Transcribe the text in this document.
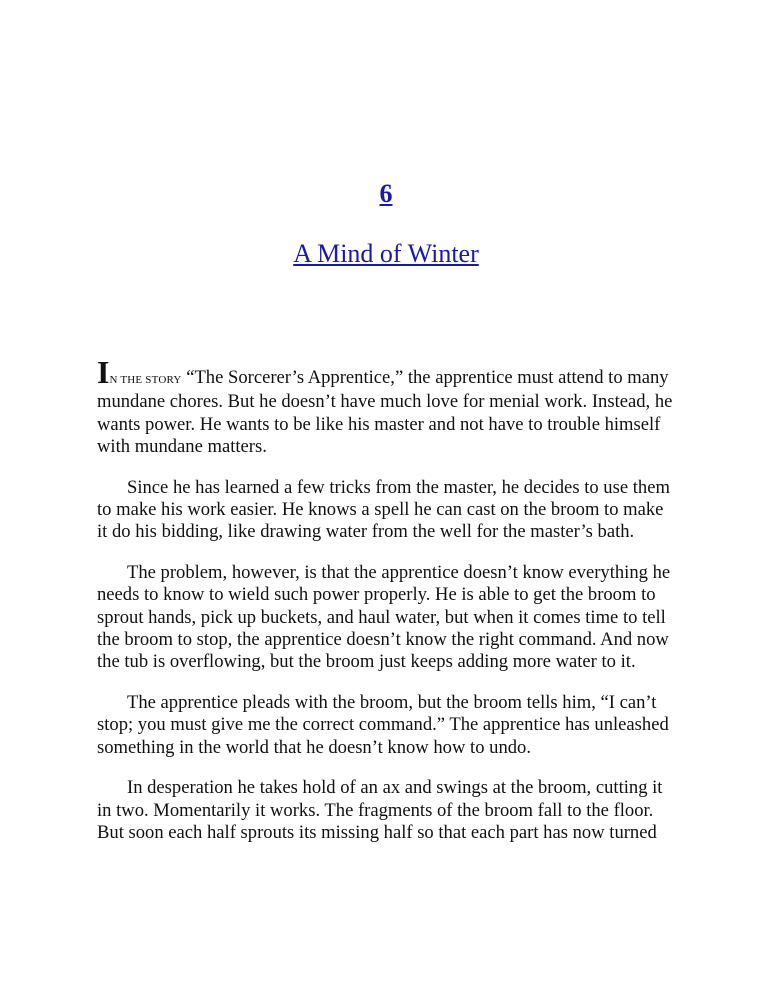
6
A Mind of Winter

IN THE STORY “The Sorcerer’s Apprentice,” the apprentice must attend to many mundane chores. But he doesn’t have much love for menial work. Instead, he wants power. He wants to be like his master and not have to trouble himself with mundane matters.

Since he has learned a few tricks from the master, he decides to use them to make his work easier. He knows a spell he can cast on the broom to make it do his bidding, like drawing water from the well for the master’s bath.

The problem, however, is that the apprentice doesn’t know everything he needs to know to wield such power properly. He is able to get the broom to sprout hands, pick up buckets, and haul water, but when it comes time to tell the broom to stop, the apprentice doesn’t know the right command. And now the tub is overflowing, but the broom just keeps adding more water to it.

The apprentice pleads with the broom, but the broom tells him, “I can’t stop; you must give me the correct command.” The apprentice has unleashed something in the world that he doesn’t know how to undo.

In desperation he takes hold of an ax and swings at the broom, cutting it in two. Momentarily it works. The fragments of the broom fall to the floor. But soon each half sprouts its missing half so that each part has now turned
